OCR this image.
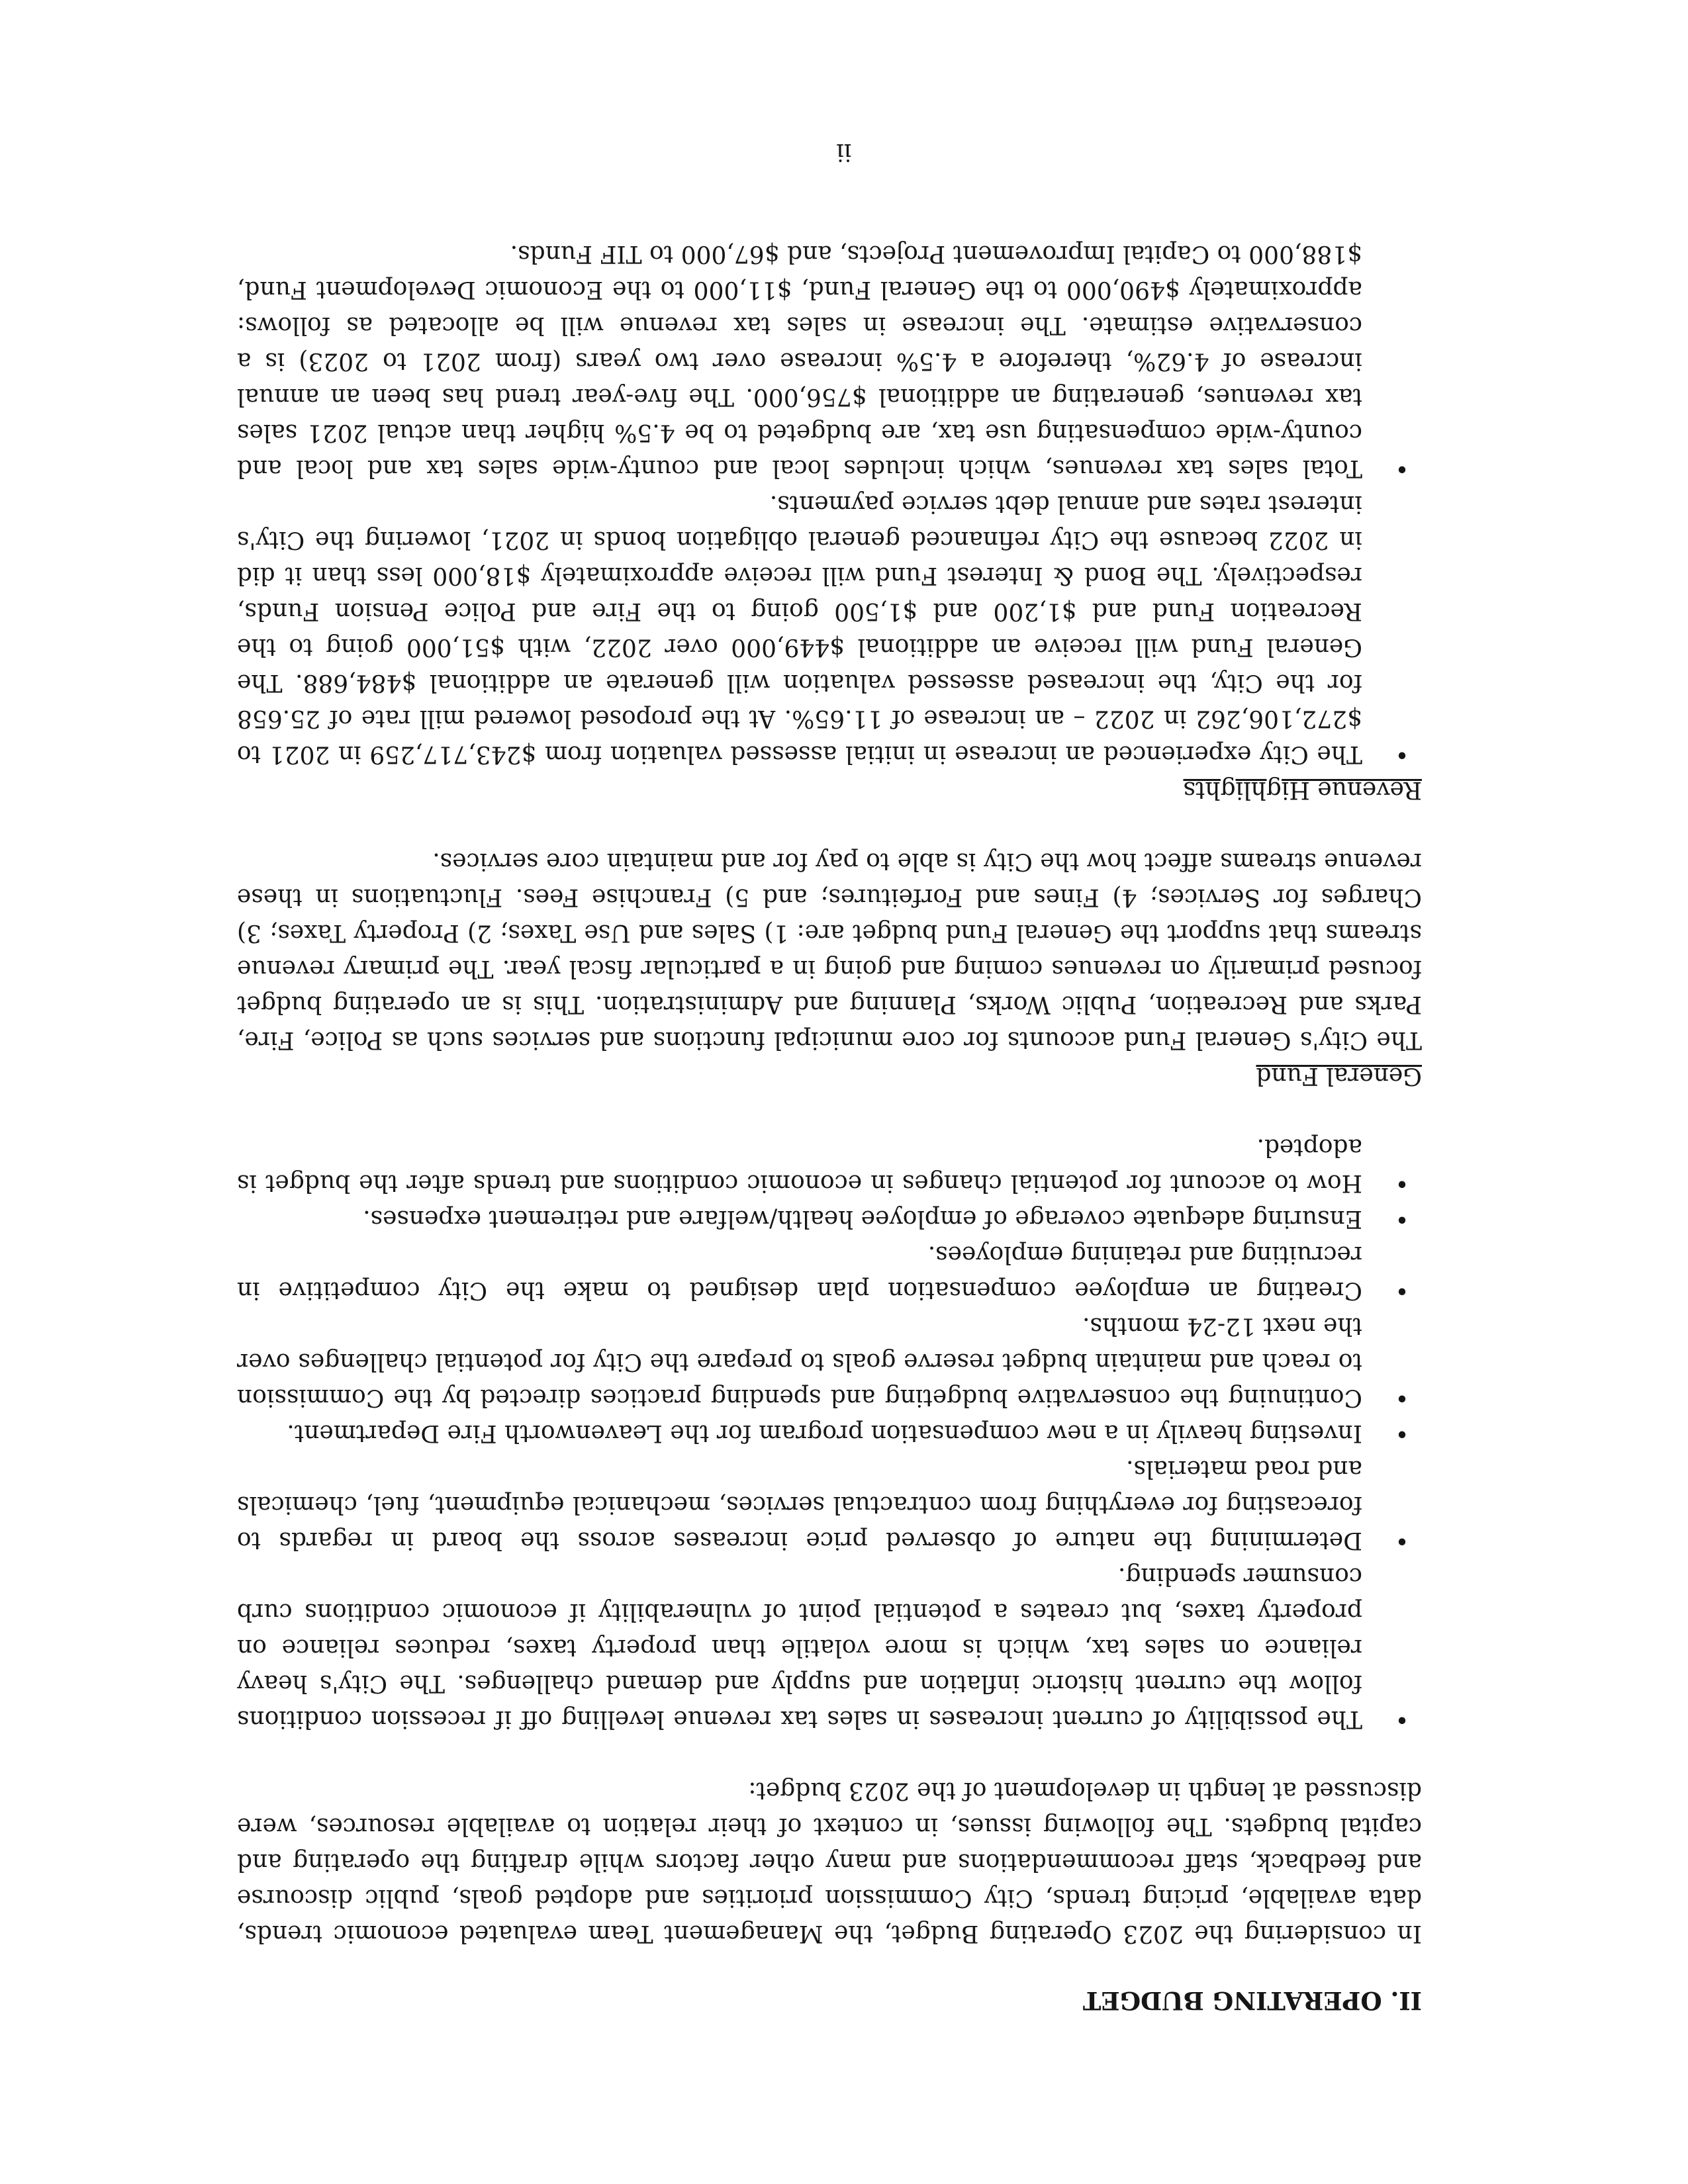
II. OPERATING BUDGET

In considering the 2023 Operating Budget, the Management Team evaluated economic trends, data available, pricing trends, City Commission priorities and adopted goals, public discourse and feedback, staff recommendations and many other factors while drafting the operating and capital budgets. The following issues, in context of their relation to available resources, were discussed at length in development of the 2023 budget:

•
The possibility of current increases in sales tax revenue levelling off if recession conditions follow the current historic inflation and supply and demand challenges. The City's heavy reliance on sales tax, which is more volatile than property taxes, reduces reliance on property taxes, but creates a potential point of vulnerability if economic conditions curb consumer spending.
•
Determining the nature of observed price increases across the board in regards to forecasting for everything from contractual services, mechanical equipment, fuel, chemicals and road materials.
•
Investing heavily in a new compensation program for the Leavenworth Fire Department.
•
Continuing the conservative budgeting and spending practices directed by the Commission to reach and maintain budget reserve goals to prepare the City for potential challenges over the next 12-24 months.
•
Creating an employee compensation plan designed to make the City competitive in recruiting and retaining employees.
•
Ensuring adequate coverage of employee health/welfare and retirement expenses.
•
How to account for potential changes in economic conditions and trends after the budget is adopted.
General Fund

The City's General Fund accounts for core municipal functions and services such as Police, Fire, Parks and Recreation, Public Works, Planning and Administration. This is an operating budget focused primarily on revenues coming and going in a particular fiscal year. The primary revenue streams that support the General Fund budget are: 1) Sales and Use Taxes; 2) Property Taxes; 3) Charges for Services; 4) Fines and Forfeitures; and 5) Franchise Fees. Fluctuations in these revenue streams affect how the City is able to pay for and maintain core services.

Revenue Highlights
•
The City experienced an increase in initial assessed valuation from $243,717,259 in 2021 to $272,106,262 in 2022 – an increase of 11.65%. At the proposed lowered mill rate of 25.658 for the City, the increased assessed valuation will generate an additional $484,688. The General Fund will receive an additional $449,000 over 2022, with $51,000 going to the Recreation Fund and $1,200 and $1,500 going to the Fire and Police Pension Funds, respectively. The Bond & Interest Fund will receive approximately $18,000 less than it did in 2022 because the City refinanced general obligation bonds in 2021, lowering the City's interest rates and annual debt service payments.
•
Total sales tax revenues, which includes local and county-wide sales tax and local and county-wide compensating use tax, are budgeted to be 4.5% higher than actual 2021 sales tax revenues, generating an additional $756,000. The five-year trend has been an annual increase of 4.62%, therefore a 4.5% increase over two years (from 2021 to 2023) is a conservative estimate. The increase in sales tax revenue will be allocated as follows: approximately $490,000 to the General Fund, $11,000 to the Economic Development Fund, $188,000 to Capital Improvement Projects, and $67,000 to TIF Funds.
ii
